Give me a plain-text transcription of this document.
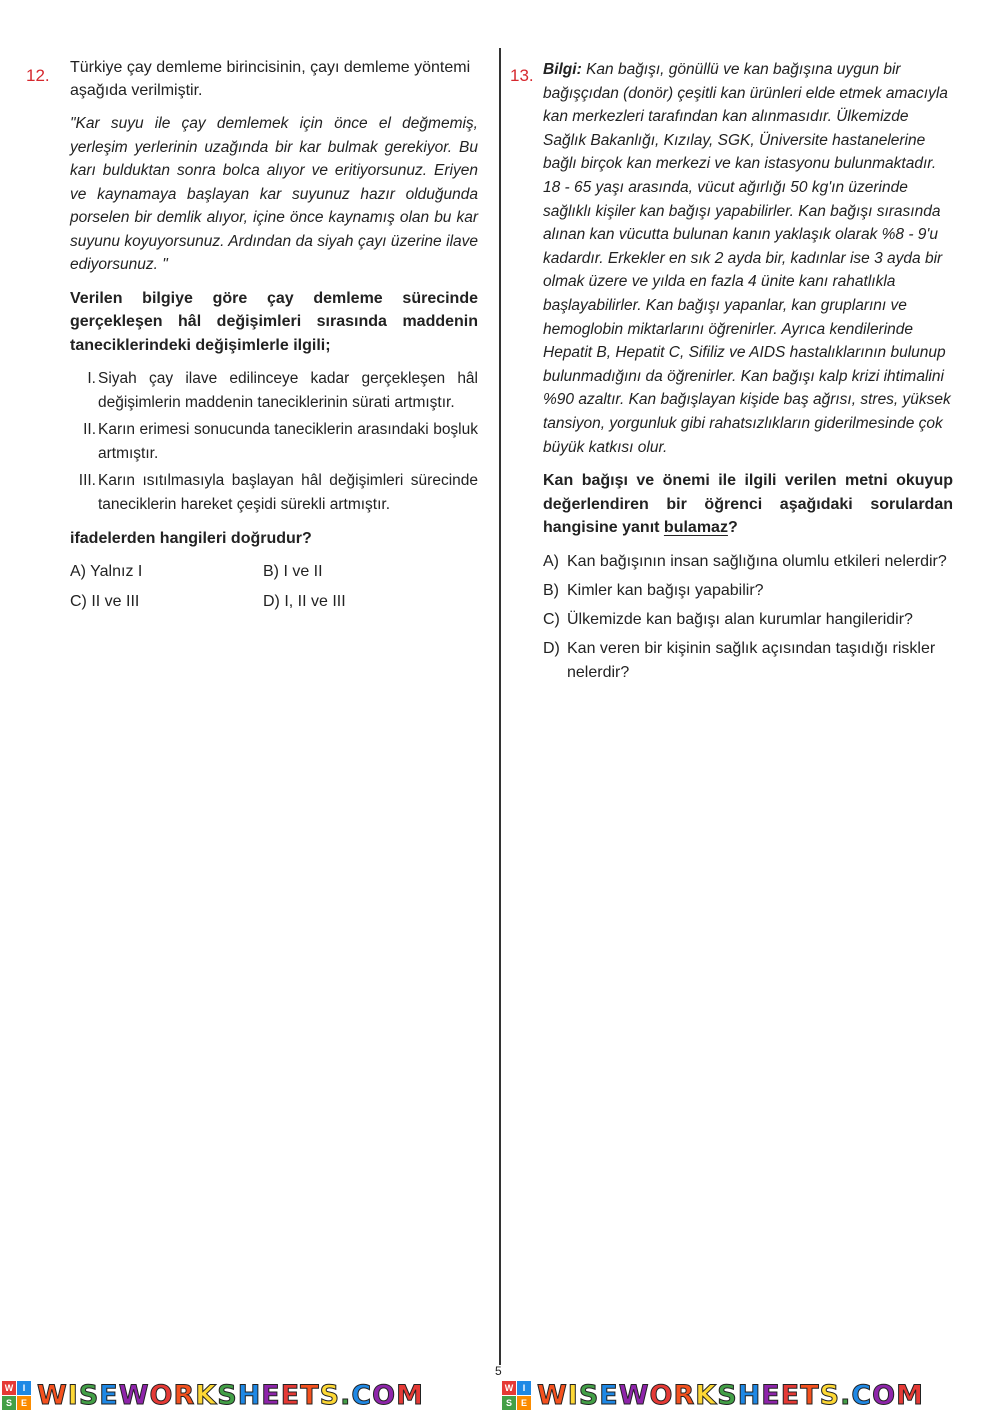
12. Türkiye çay demleme birincisinin, çayı demleme yöntemi aşağıda verilmiştir.

"Kar suyu ile çay demlemek için önce el değmemiş, yerleşim yerlerinin uzağında bir kar bulmak gerekiyor. Bu karı bulduktan sonra bolca alıyor ve eritiyorsunuz. Eriyen ve kaynamaya başlayan kar suyunuz hazır olduğunda porselen bir demlik alıyor, içine önce kaynamış olan bu kar suyunu koyuyorsunuz. Ardından da siyah çayı üzerine ilave ediyorsunuz. "

Verilen bilgiye göre çay demleme sürecinde gerçekleşen hâl değişimleri sırasında maddenin taneciklerindeki değişimlerle ilgili;

I. Siyah çay ilave edilinceye kadar gerçekleşen hâl değişimlerin maddenin taneciklerinin sürati artmıştır.
II. Karın erimesi sonucunda taneciklerin arasındaki boşluk artmıştır.
III. Karın ısıtılmasıyla başlayan hâl değişimleri sürecinde taneciklerin hareket çeşidi sürekli artmıştır.

ifadelerden hangileri doğrudur?

A) Yalnız I	B) I ve II
C) II ve III	D) I, II ve III
13. Bilgi: Kan bağışı, gönüllü ve kan bağışına uygun bir bağışçıdan (donör) çeşitli kan ürünleri elde etmek amacıyla kan merkezleri tarafından kan alınmasıdır. Ülkemizde Sağlık Bakanlığı, Kızılay, SGK, Üniversite hastanelerine bağlı birçok kan merkezi ve kan istasyonu bulunmaktadır. 18 - 65 yaşı arasında, vücut ağırlığı 50 kg'ın üzerinde sağlıklı kişiler kan bağışı yapabilirler. Kan bağışı sırasında alınan kan vücutta bulunan kanın yaklaşık olarak %8 - 9'u kadardır. Erkekler en sık 2 ayda bir, kadınlar ise 3 ayda bir olmak üzere ve yılda en fazla 4 ünite kanı rahatlıkla başlayabilirler. Kan bağışı yapanlar, kan gruplarını ve hemoglobin miktarlarını öğrenirler. Ayrıca kendilerinde Hepatit B, Hepatit C, Sifiliz ve AIDS hastalıklarının bulunup bulunmadığını da öğrenirler. Kan bağışı kalp krizi ihtimalini %90 azaltır. Kan bağışlayan kişide baş ağrısı, stres, yüksek tansiyon, yorgunluk gibi rahatsızlıkların giderilmesinde çok büyük katkısı olur.

Kan bağışı ve önemi ile ilgili verilen metni okuyup değerlendiren bir öğrenci aşağıdaki sorulardan hangisine yanıt bulamaz?

A) Kan bağışının insan sağlığına olumlu etkileri nelerdir?
B) Kimler kan bağışı yapabilir?
C) Ülkemizde kan bağışı alan kurumlar hangileridir?
D) Kan veren bir kişinin sağlık açısından taşıdığı riskler nelerdir?
5
W	I
S E WISEWORKSHEETS.COM	W	I
S E WISEWORKSHEETS.COM
